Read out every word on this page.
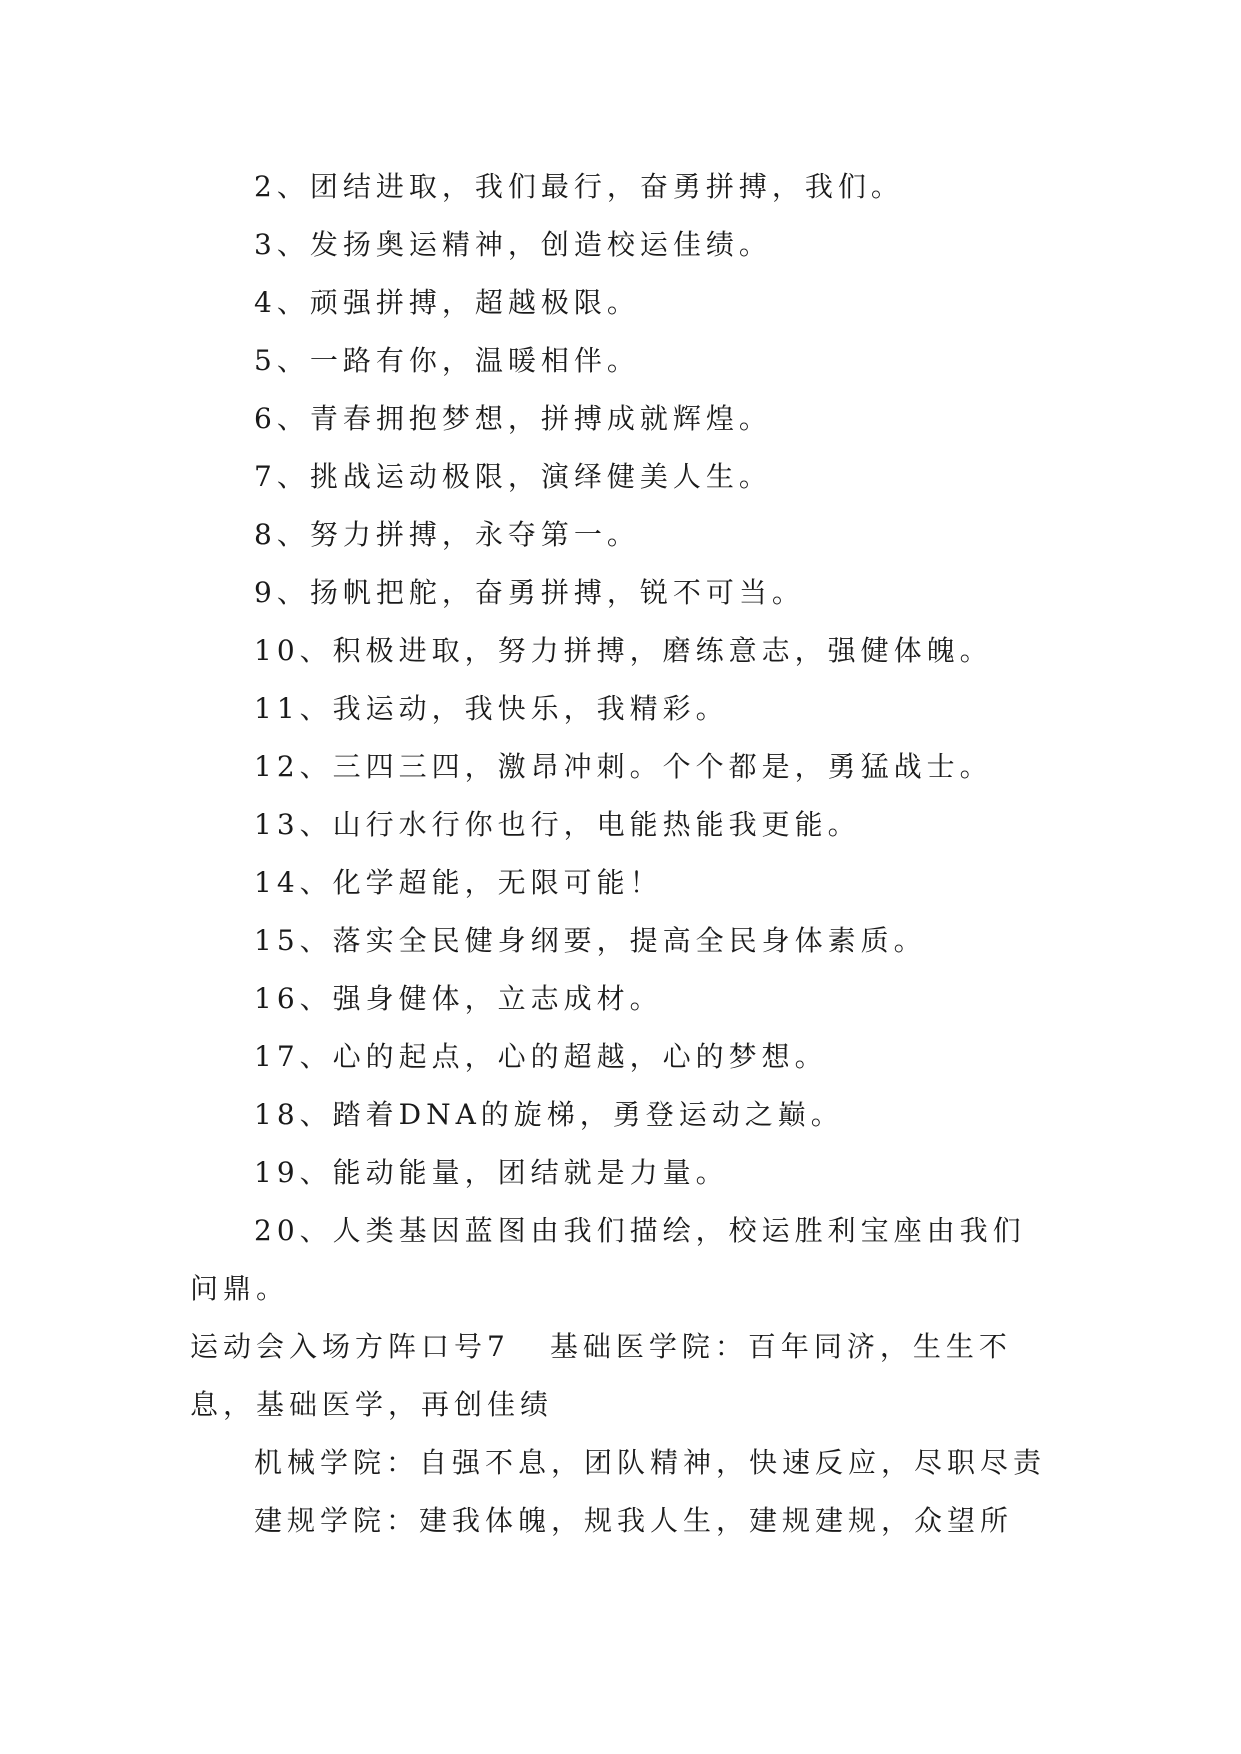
2、团结进取，我们最行，奋勇拼搏，我们。

3、发扬奥运精神，创造校运佳绩。

4、顽强拼搏，超越极限。

5、一路有你，温暖相伴。

6、青春拥抱梦想，拼搏成就辉煌。

7、挑战运动极限，演绎健美人生。

8、努力拼搏，永夺第一。

9、扬帆把舵，奋勇拼搏，锐不可当。

10、积极进取，努力拼搏，磨练意志，强健体魄。

11、我运动，我快乐，我精彩。

12、三四三四，激昂冲刺。个个都是，勇猛战士。

13、山行水行你也行，电能热能我更能。

14、化学超能，无限可能！

15、落实全民健身纲要，提高全民身体素质。

16、强身健体，立志成材。

17、心的起点，心的超越，心的梦想。

18、踏着DNA的旋梯，勇登运动之巅。

19、能动能量，团结就是力量。

20、人类基因蓝图由我们描绘，校运胜利宝座由我们问鼎。

运动会入场方阵口号7 基础医学院：百年同济，生生不息，基础医学，再创佳绩

机械学院：自强不息，团队精神，快速反应，尽职尽责

建规学院：建我体魄，规我人生，建规建规，众望所
